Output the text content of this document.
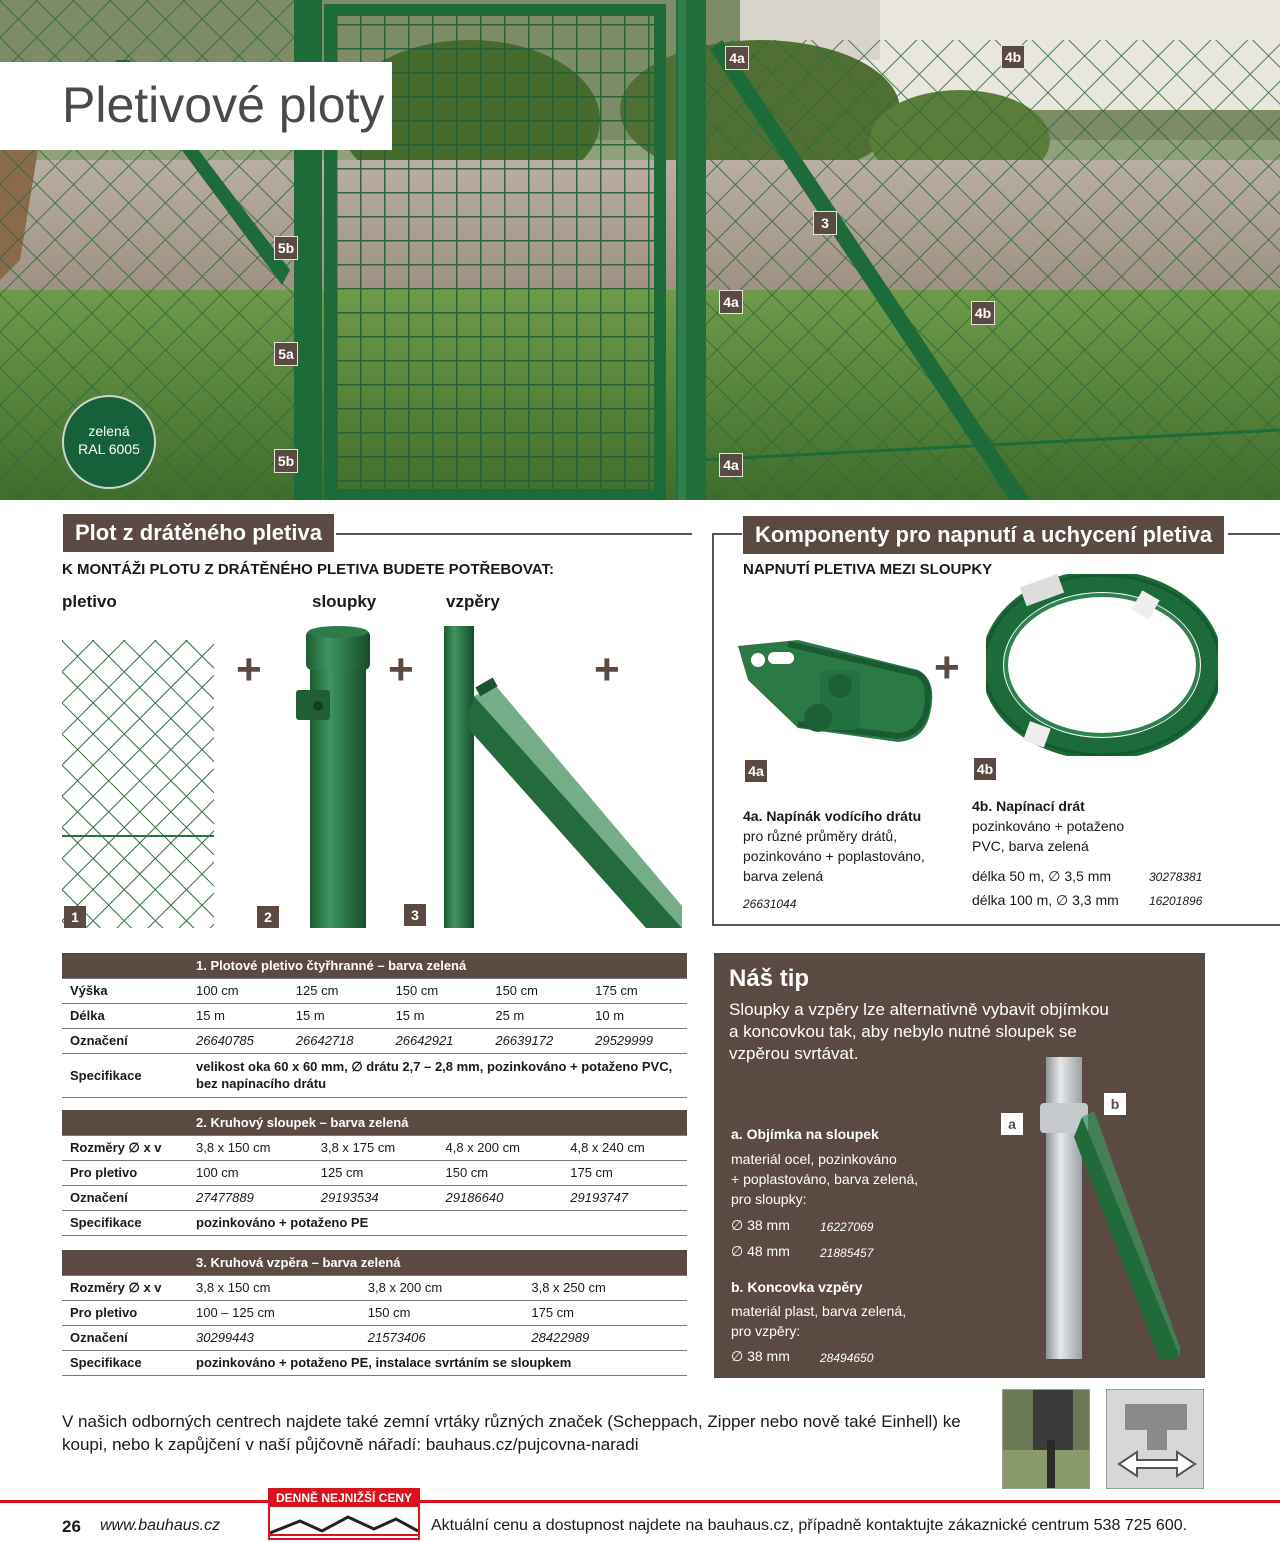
Pletivové ploty
4a	4b
3
4a
4b
5b
5a
5b	4a
zelená
RAL 6005
Plot z drátěného pletiva
K MONTÁŽI PLOTU Z DRÁTĚNÉHO PLETIVA BUDETE POTŘEBOVAT:
pletivo	sloupky	vzpěry
1
+
2
+
3
+
1. Plotové pletivo čtyřhranné – barva zelená					
Výška	100 cm	125 cm	150 cm	150 cm	175 cm
Délka	15 m	15 m	15 m	25 m	10 m
Označení	26640785	26642718	26642921	26639172	29529999
Specifikace	velikost oka 60 x 60 mm, ∅ drátu 2,7 – 2,8 mm, pozinkováno + potaženo PVC, bez napínacího drátu				
2. Kruhový sloupek – barva zelená				
Rozměry ∅ x v	3,8 x 150 cm	3,8 x 175 cm	4,8 x 200 cm	4,8 x 240 cm
Pro pletivo	100 cm	125 cm	150 cm	175 cm
Označení	27477889	29193534	29186640	29193747
Specifikace	pozinkováno + potaženo PE			
3. Kruhová vzpěra – barva zelená			
Rozměry ∅ x v	3,8 x 150 cm	3,8 x 200 cm	3,8 x 250 cm
Pro pletivo	100 – 125 cm	150 cm	175 cm
Označení	30299443	21573406	28422989
Specifikace	pozinkováno + potaženo PE, instalace svrtáním se sloupkem		
Komponenty pro napnutí a uchycení pletiva
NAPNUTÍ PLETIVA MEZI SLOUPKY
4a
+
4b
4a. Napínák vodícího drátu
pro různé průměry drátů,
pozinkováno + poplastováno,
barva zelená
26631044
4b. Napínací drát
pozinkováno + potaženo
PVC, barva zelená
délka 50 m, ∅ 3,5 mm	30278381
délka 100 m, ∅ 3,3 mm	16201896
Náš tip
Sloupky a vzpěry lze alternativně vybavit objímkou a koncovkou tak, aby nebylo nutné sloupek se vzpěrou svrtávat.
a. Objímka na sloupek
materiál ocel, pozinkováno
+ poplastováno, barva zelená,
pro sloupky:
∅ 38 mm	16227069
∅ 48 mm	21885457
b. Koncovka vzpěry
materiál plast, barva zelená,
pro vzpěry:
∅ 38 mm	28494650
a
b
V našich odborných centrech najdete také zemní vrtáky různých značek (Scheppach, Zipper nebo nově také Einhell) ke koupi, nebo k zapůjčení v naší půjčovně nářadí: bauhaus.cz/pujcovna-naradi
26 www.bauhaus.cz
DENNĚ NEJNIŽŠÍ CENY
Aktuální cenu a dostupnost najdete na bauhaus.cz, případně kontaktujte zákaznické centrum 538 725 600.
